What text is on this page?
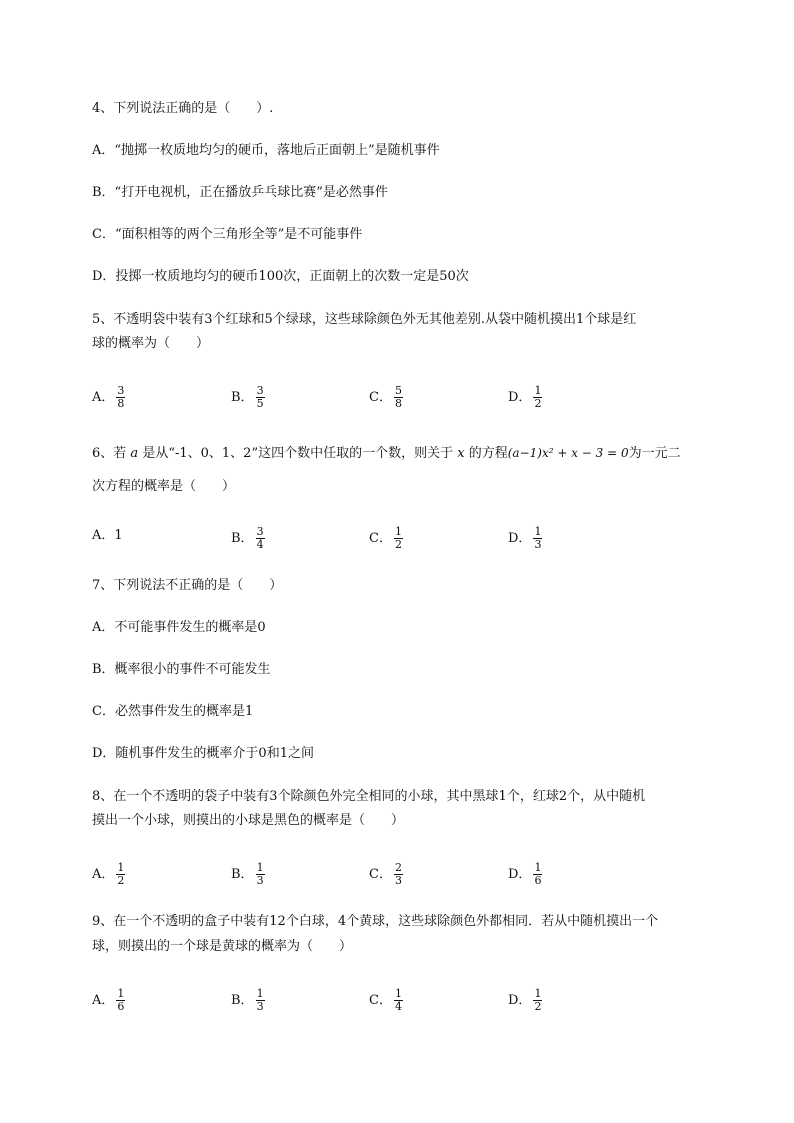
4、下列说法正确的是（　　）.
A．“抛掷一枚质地均匀的硬币，落地后正面朝上”是随机事件
B．“打开电视机，正在播放乒乓球比赛”是必然事件
C．“面积相等的两个三角形全等”是不可能事件
D．投掷一枚质地均匀的硬币100次，正面朝上的次数一定是50次
5、不透明袋中装有3个红球和5个绿球，这些球除颜色外无其他差别.从袋中随机摸出1个球是红
球的概率为（　　）
A． $\frac{3}{8}$	B． $\frac{3}{5}$	C． $\frac{5}{8}$	D． $\frac{1}{2}$
6、若 a 是从“-1、0、1、2”这四个数中任取的一个数，则关于 x 的方程(a−1)x² + x − 3 = 0为一元二
次方程的概率是（　　）
A．1	B． $\frac{3}{4}$	C． $\frac{1}{2}$	D． $\frac{1}{3}$
7、下列说法不正确的是（　　）
A．不可能事件发生的概率是0
B．概率很小的事件不可能发生
C．必然事件发生的概率是1
D．随机事件发生的概率介于0和1之间
8、在一个不透明的袋子中装有3个除颜色外完全相同的小球，其中黑球1个，红球2个，从中随机
摸出一个小球，则摸出的小球是黑色的概率是（　　）
A． $\frac{1}{2}$	B． $\frac{1}{3}$	C． $\frac{2}{3}$	D． $\frac{1}{6}$
9、在一个不透明的盒子中装有12个白球，4个黄球，这些球除颜色外都相同．若从中随机摸出一个
球，则摸出的一个球是黄球的概率为（　　）
A． $\frac{1}{6}$	B． $\frac{1}{3}$	C． $\frac{1}{4}$	D． $\frac{1}{2}$
